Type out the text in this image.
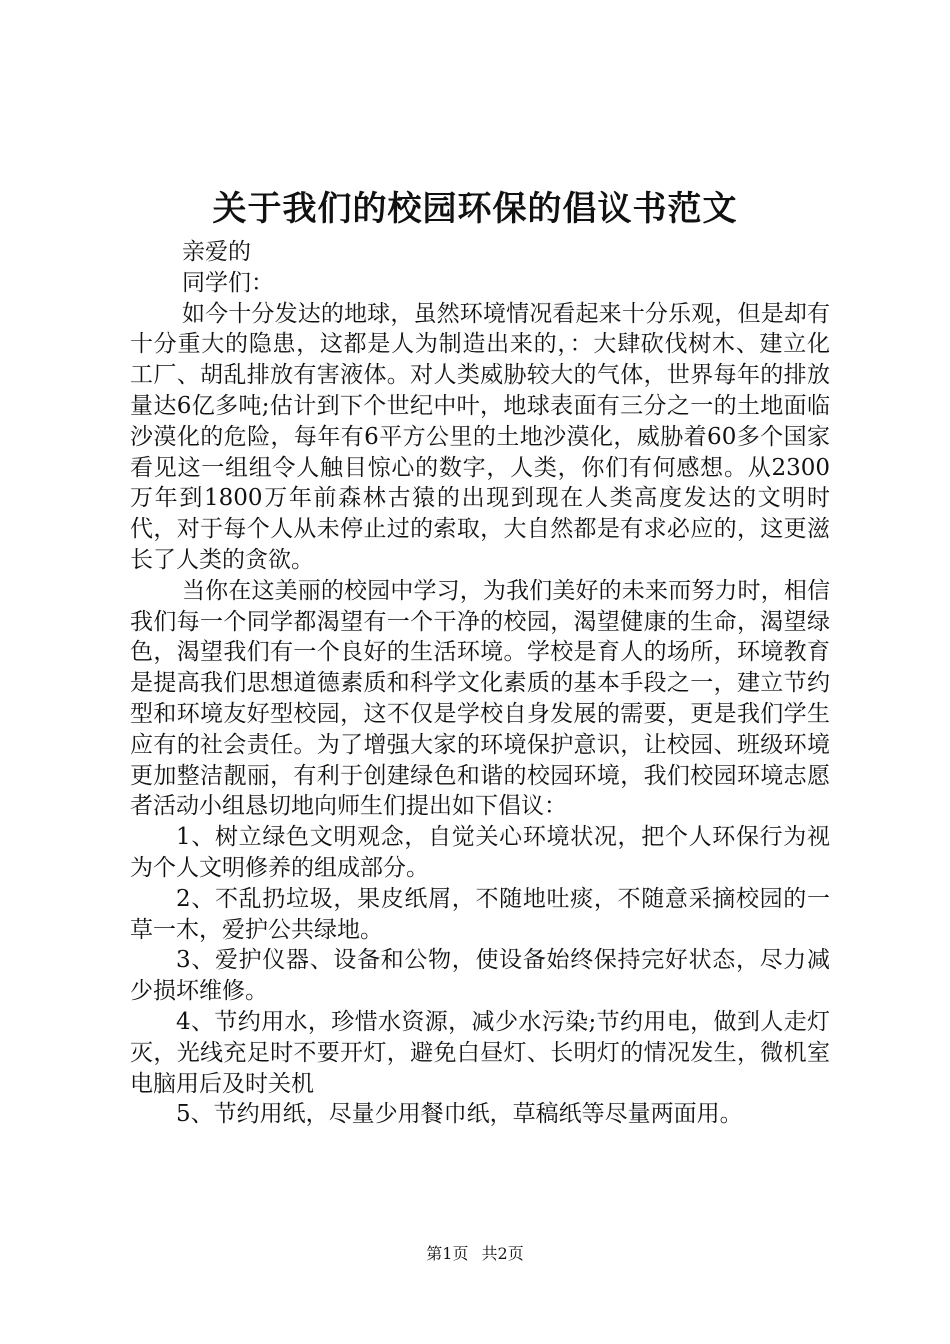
关于我们的校园环保的倡议书范文

亲爱的

同学们：

如今十分发达的地球，虽然环境情况看起来十分乐观，但是却有十分重大的隐患，这都是人为制造出来的，：大肆砍伐树木、建立化工厂、胡乱排放有害液体。对人类威胁较大的气体，世界每年的排放量达6亿多吨;估计到下个世纪中叶，地球表面有三分之一的土地面临沙漠化的危险，每年有6平方公里的土地沙漠化，威胁着60多个国家看见这一组组令人触目惊心的数字，人类，你们有何感想。从2300万年到1800万年前森林古猿的出现到现在人类高度发达的文明时代，对于每个人从未停止过的索取，大自然都是有求必应的，这更滋长了人类的贪欲。

当你在这美丽的校园中学习，为我们美好的未来而努力时，相信我们每一个同学都渴望有一个干净的校园，渴望健康的生命，渴望绿色，渴望我们有一个良好的生活环境。学校是育人的场所，环境教育是提高我们思想道德素质和科学文化素质的基本手段之一，建立节约型和环境友好型校园，这不仅是学校自身发展的需要，更是我们学生应有的社会责任。为了增强大家的环境保护意识，让校园、班级环境更加整洁靓丽，有利于创建绿色和谐的校园环境，我们校园环境志愿者活动小组恳切地向师生们提出如下倡议：

1、树立绿色文明观念，自觉关心环境状况，把个人环保行为视为个人文明修养的组成部分。

2、不乱扔垃圾，果皮纸屑，不随地吐痰，不随意采摘校园的一草一木，爱护公共绿地。

3、爱护仪器、设备和公物，使设备始终保持完好状态，尽力减少损坏维修。

4、节约用水，珍惜水资源，减少水污染;节约用电，做到人走灯灭，光线充足时不要开灯，避免白昼灯、长明灯的情况发生，微机室电脑用后及时关机

5、节约用纸，尽量少用餐巾纸，草稿纸等尽量两面用。

第1页 共2页
